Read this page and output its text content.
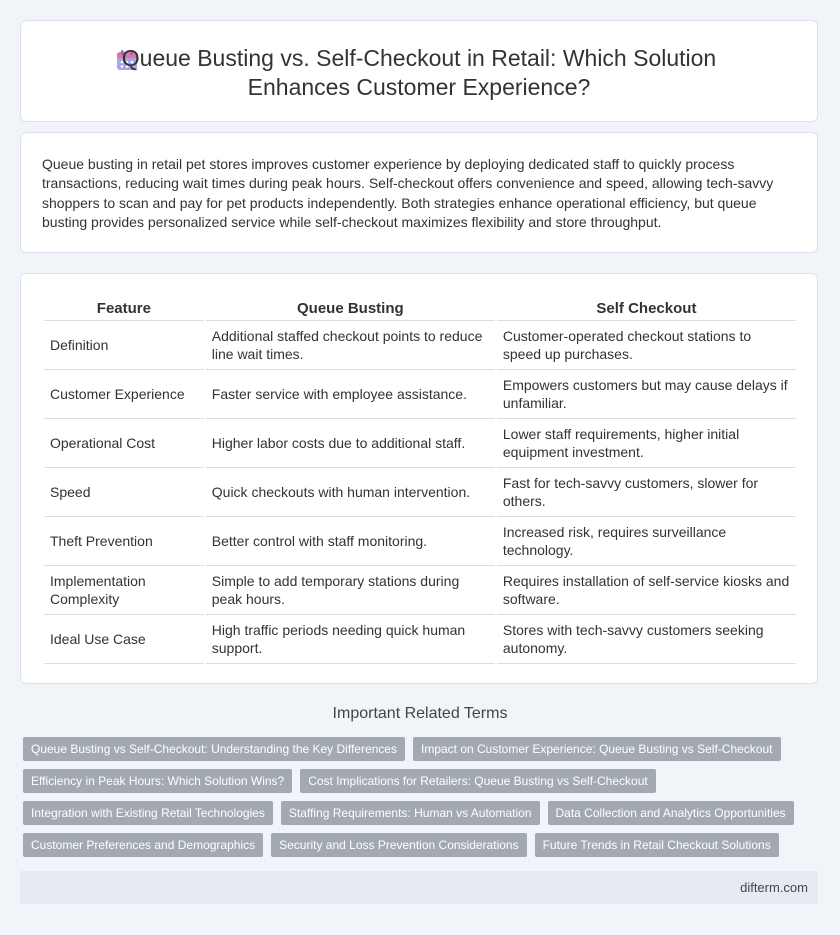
Queue Busting vs. Self-Checkout in Retail: Which Solution Enhances Customer Experience?

Queue busting in retail pet stores improves customer experience by deploying dedicated staff to quickly process transactions, reducing wait times during peak hours. Self-checkout offers convenience and speed, allowing tech-savvy shoppers to scan and pay for pet products independently. Both strategies enhance operational efficiency, but queue busting provides personalized service while self-checkout maximizes flexibility and store throughput.

Feature	Queue Busting	Self Checkout
Definition	Additional staffed checkout points to reduce line wait times.	Customer-operated checkout stations to speed up purchases.
Customer Experience	Faster service with employee assistance.	Empowers customers but may cause delays if unfamiliar.
Operational Cost	Higher labor costs due to additional staff.	Lower staff requirements, higher initial equipment investment.
Speed	Quick checkouts with human intervention.	Fast for tech-savvy customers, slower for others.
Theft Prevention	Better control with staff monitoring.	Increased risk, requires surveillance technology.
Implementation Complexity	Simple to add temporary stations during peak hours.	Requires installation of self-service kiosks and software.
Ideal Use Case	High traffic periods needing quick human support.	Stores with tech-savvy customers seeking autonomy.
Important Related Terms
Queue Busting vs Self-Checkout: Understanding the Key Differences	Impact on Customer Experience: Queue Busting vs Self-Checkout
Efficiency in Peak Hours: Which Solution Wins?	Cost Implications for Retailers: Queue Busting vs Self-Checkout
Integration with Existing Retail Technologies	Staffing Requirements: Human vs Automation	Data Collection and Analytics Opportunities
Customer Preferences and Demographics	Security and Loss Prevention Considerations	Future Trends in Retail Checkout Solutions
difterm.com
